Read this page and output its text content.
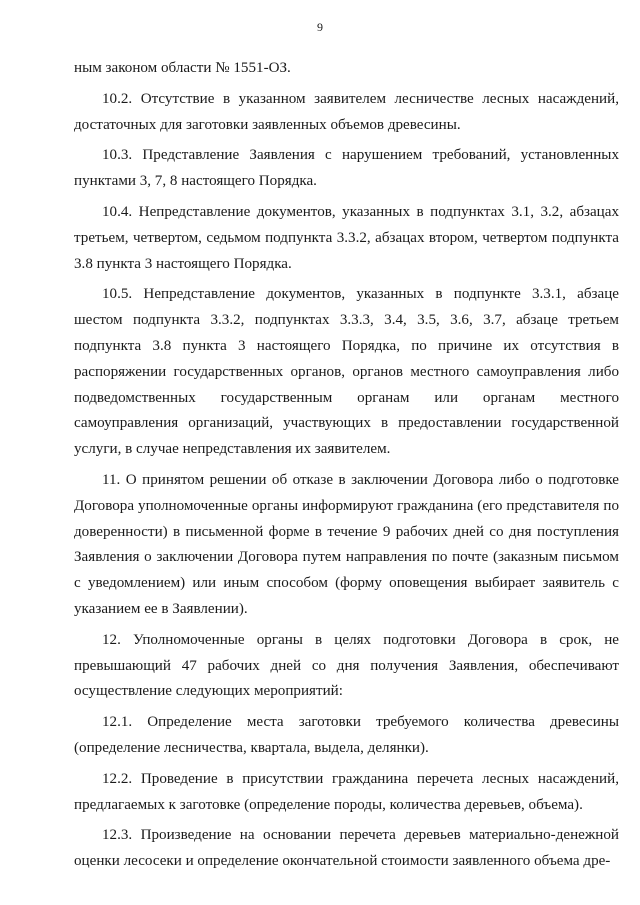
9

ным законом области № 1551-ОЗ.

10.2. Отсутствие в указанном заявителем лесничестве лесных насаждений, достаточных для заготовки заявленных объемов древесины.

10.3. Представление Заявления с нарушением требований, установленных пунктами 3, 7, 8 настоящего Порядка.

10.4. Непредставление документов, указанных в подпунктах 3.1, 3.2, абзацах третьем, четвертом, седьмом подпункта 3.3.2, абзацах втором, четвертом подпункта 3.8 пункта 3 настоящего Порядка.

10.5. Непредставление документов, указанных в подпункте 3.3.1, абзаце шестом подпункта 3.3.2, подпунктах 3.3.3, 3.4, 3.5, 3.6, 3.7, абзаце третьем подпункта 3.8 пункта 3 настоящего Порядка, по причине их отсутствия в распоряжении государственных органов, органов местного самоуправления либо подведомственных государственным органам или органам местного самоуправления организаций, участвующих в предоставлении государственной услуги, в случае непредставления их заявителем.

11. О принятом решении об отказе в заключении Договора либо о подготовке Договора уполномоченные органы информируют гражданина (его представителя по доверенности) в письменной форме в течение 9 рабочих дней со дня поступления Заявления о заключении Договора путем направления по почте (заказным письмом с уведомлением) или иным способом (форму оповещения выбирает заявитель с указанием ее в Заявлении).

12. Уполномоченные органы в целях подготовки Договора в срок, не превышающий 47 рабочих дней со дня получения Заявления, обеспечивают осуществление следующих мероприятий:

12.1. Определение места заготовки требуемого количества древесины (определение лесничества, квартала, выдела, делянки).

12.2. Проведение в присутствии гражданина перечета лесных насаждений, предлагаемых к заготовке (определение породы, количества деревьев, объема).

12.3. Произведение на основании перечета деревьев материально-денежной оценки лесосеки и определение окончательной стоимости заявленного объема дре-
